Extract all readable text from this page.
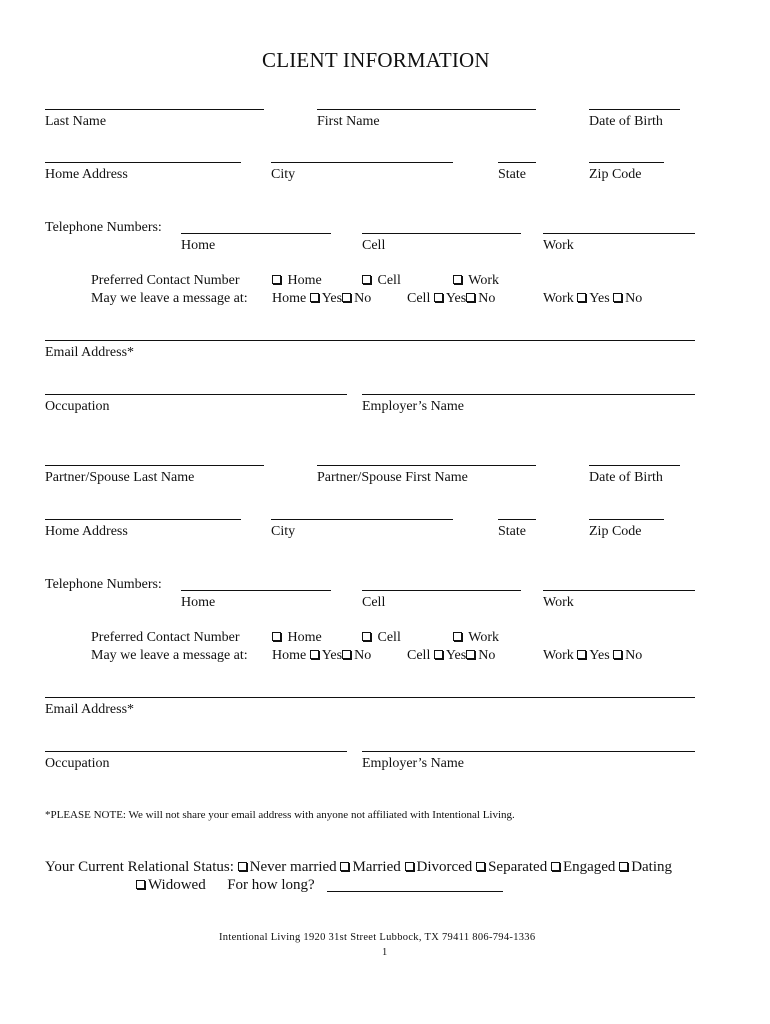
CLIENT INFORMATION
Last Name	First Name	Date of Birth
Home Address	City	State	Zip Code
Telephone Numbers:
Home	Cell	Work
Preferred Contact Number	Home	Cell	Work
May we leave a message at: Home Yes No	Cell Yes No	Work Yes No
Email Address*
Occupation	Employer’s Name
Partner/Spouse Last Name	Partner/Spouse First Name	Date of Birth
Home Address	City	State	Zip Code
Telephone Numbers:
Home	Cell	Work
Preferred Contact Number	Home	Cell	Work
May we leave a message at: Home Yes No	Cell Yes No	Work Yes No
Email Address*
Occupation	Employer’s Name
*PLEASE NOTE: We will not share your email address with anyone not affiliated with Intentional Living.
Your Current Relational Status: Never married Married Divorced Separated Engaged Dating
Widowed For how long?
Intentional Living 1920 31st Street Lubbock, TX 79411 806-794-1336
1
